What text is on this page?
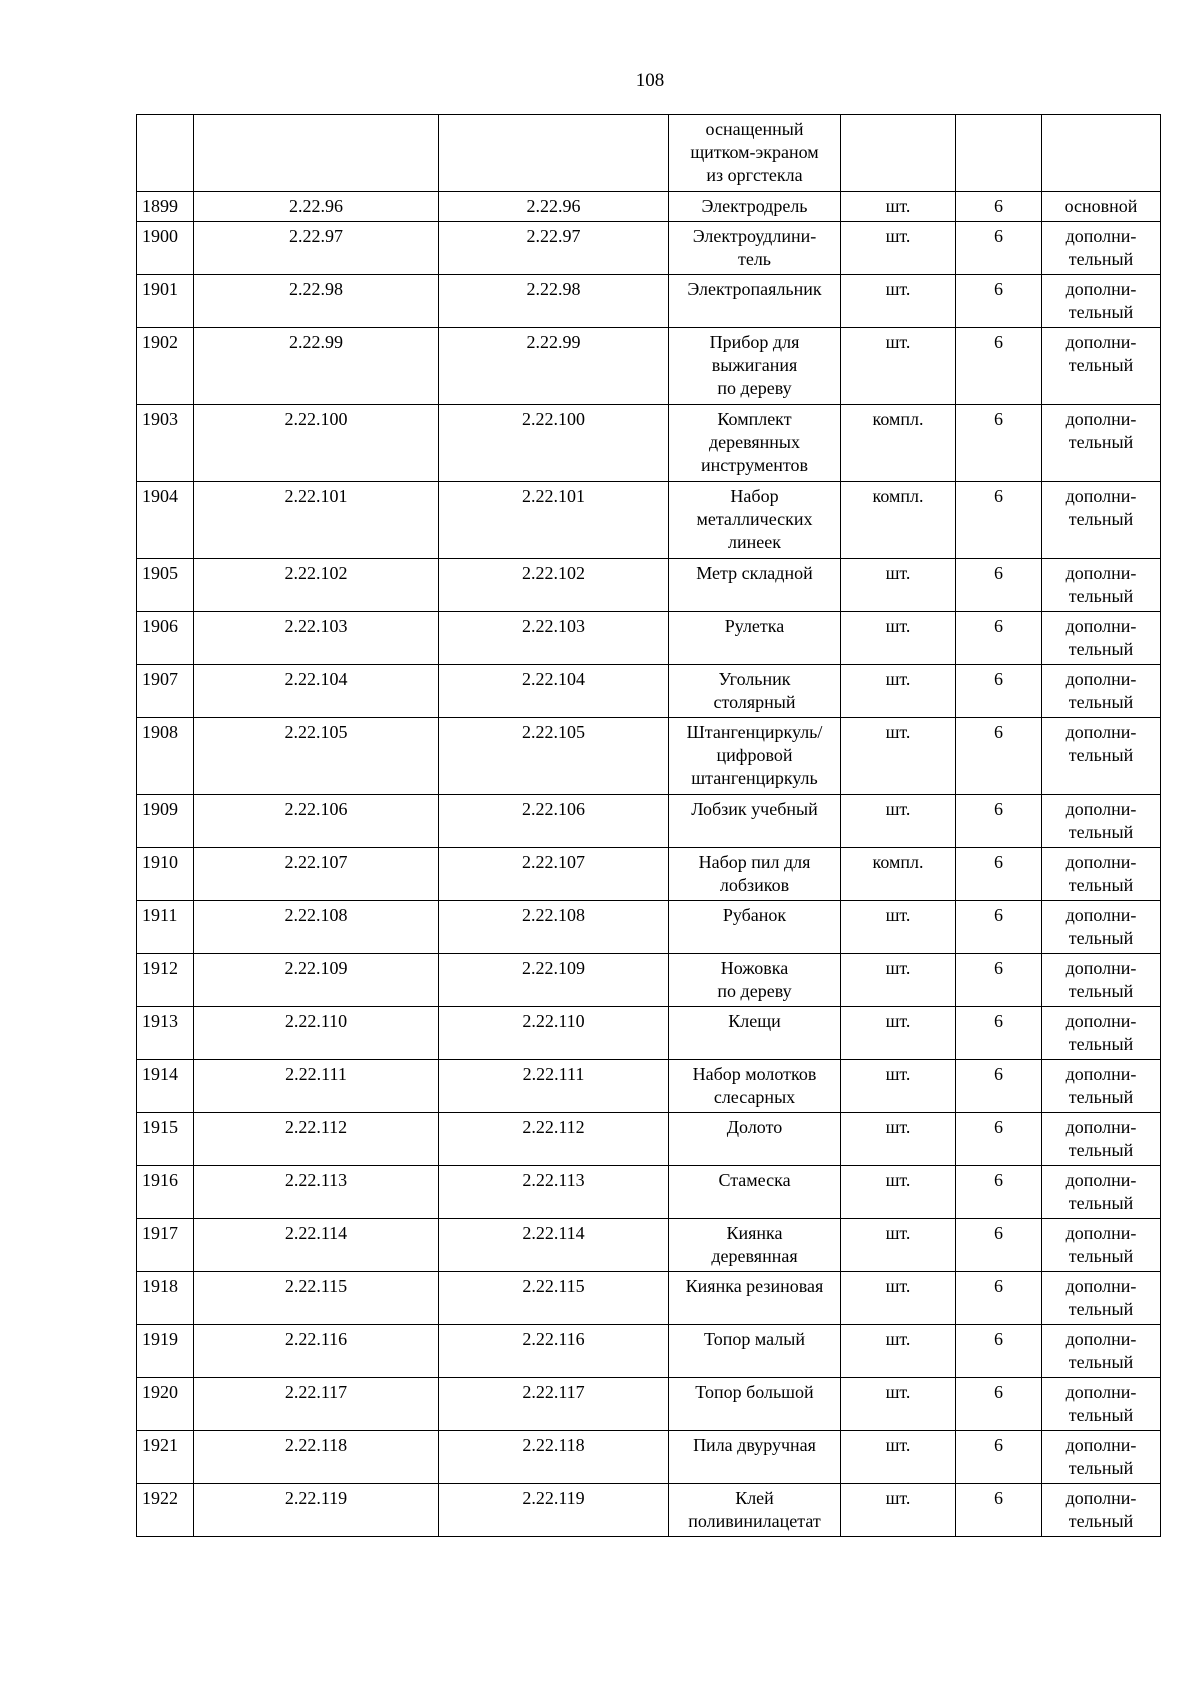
108

			оснащенный
щитком-экраном
из оргстекла			

1899	2.22.96	2.22.96	Электродрель	шт.	6	основной

1900	2.22.97	2.22.97	Электроудлини-
тель	шт.	6	дополни-
тельный

1901	2.22.98	2.22.98	Электропаяльник	шт.	6	дополни-
тельный

1902	2.22.99	2.22.99	Прибор для
выжигания
по дереву	шт.	6	дополни-
тельный

1903	2.22.100	2.22.100	Комплект
деревянных
инструментов	компл.	6	дополни-
тельный

1904	2.22.101	2.22.101	Набор
металлических
линеек	компл.	6	дополни-
тельный

1905	2.22.102	2.22.102	Метр складной	шт.	6	дополни-
тельный

1906	2.22.103	2.22.103	Рулетка	шт.	6	дополни-
тельный

1907	2.22.104	2.22.104	Угольник
столярный	шт.	6	дополни-
тельный

1908	2.22.105	2.22.105	Штангенциркуль/
цифровой
штангенциркуль	шт.	6	дополни-
тельный

1909	2.22.106	2.22.106	Лобзик учебный	шт.	6	дополни-
тельный

1910	2.22.107	2.22.107	Набор пил для
лобзиков	компл.	6	дополни-
тельный

1911	2.22.108	2.22.108	Рубанок	шт.	6	дополни-
тельный

1912	2.22.109	2.22.109	Ножовка
по дереву	шт.	6	дополни-
тельный

1913	2.22.110	2.22.110	Клещи	шт.	6	дополни-
тельный

1914	2.22.111	2.22.111	Набор молотков
слесарных	шт.	6	дополни-
тельный

1915	2.22.112	2.22.112	Долото	шт.	6	дополни-
тельный

1916	2.22.113	2.22.113	Стамеска	шт.	6	дополни-
тельный

1917	2.22.114	2.22.114	Киянка
деревянная	шт.	6	дополни-
тельный

1918	2.22.115	2.22.115	Киянка резиновая	шт.	6	дополни-
тельный

1919	2.22.116	2.22.116	Топор малый	шт.	6	дополни-
тельный

1920	2.22.117	2.22.117	Топор большой	шт.	6	дополни-
тельный

1921	2.22.118	2.22.118	Пила двуручная	шт.	6	дополни-
тельный

1922	2.22.119	2.22.119	Клей
поливинилацетат	шт.	6	дополни-
тельный
